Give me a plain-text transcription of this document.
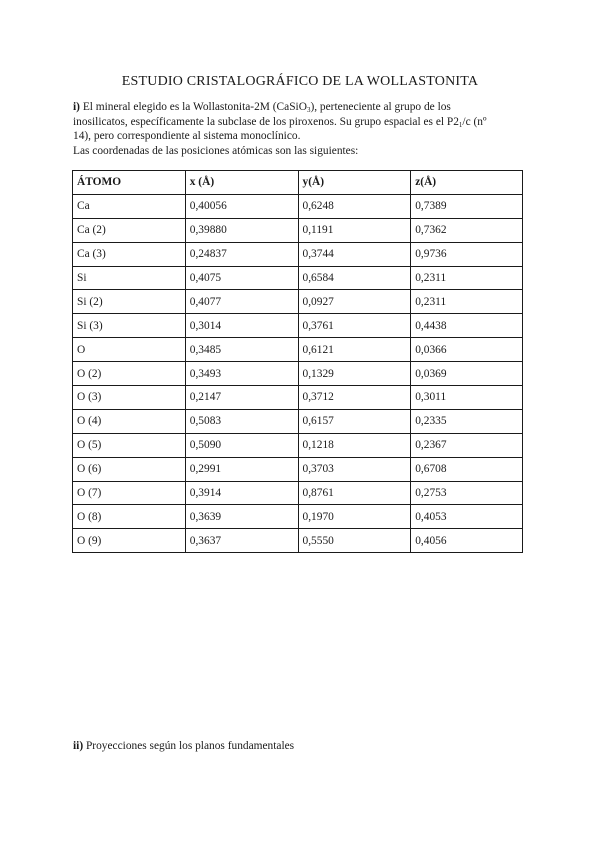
ESTUDIO CRISTALOGRÁFICO DE LA WOLLASTONITA

i) El mineral elegido es la Wollastonita-2M (CaSiO$_3$), perteneciente al grupo de los
inosilicatos, específicamente la subclase de los piroxenos. Su grupo espacial es el $P2_1/c$ (nº
14), pero correspondiente al sistema monoclínico.
Las coordenadas de las posiciones atómicas son las siguientes:

ÁTOMO	x (Å)	y(Å)	z(Å)
Ca	0,40056	0,6248	0,7389
Ca (2)	0,39880	0,1191	0,7362
Ca (3)	0,24837	0,3744	0,9736
Si	0,4075	0,6584	0,2311
Si (2)	0,4077	0,0927	0,2311
Si (3)	0,3014	0,3761	0,4438
O	0,3485	0,6121	0,0366
O (2)	0,3493	0,1329	0,0369
O (3)	0,2147	0,3712	0,3011
O (4)	0,5083	0,6157	0,2335
O (5)	0,5090	0,1218	0,2367
O (6)	0,2991	0,3703	0,6708
O (7)	0,3914	0,8761	0,2753
O (8)	0,3639	0,1970	0,4053
O (9)	0,3637	0,5550	0,4056
ii) Proyecciones según los planos fundamentales
